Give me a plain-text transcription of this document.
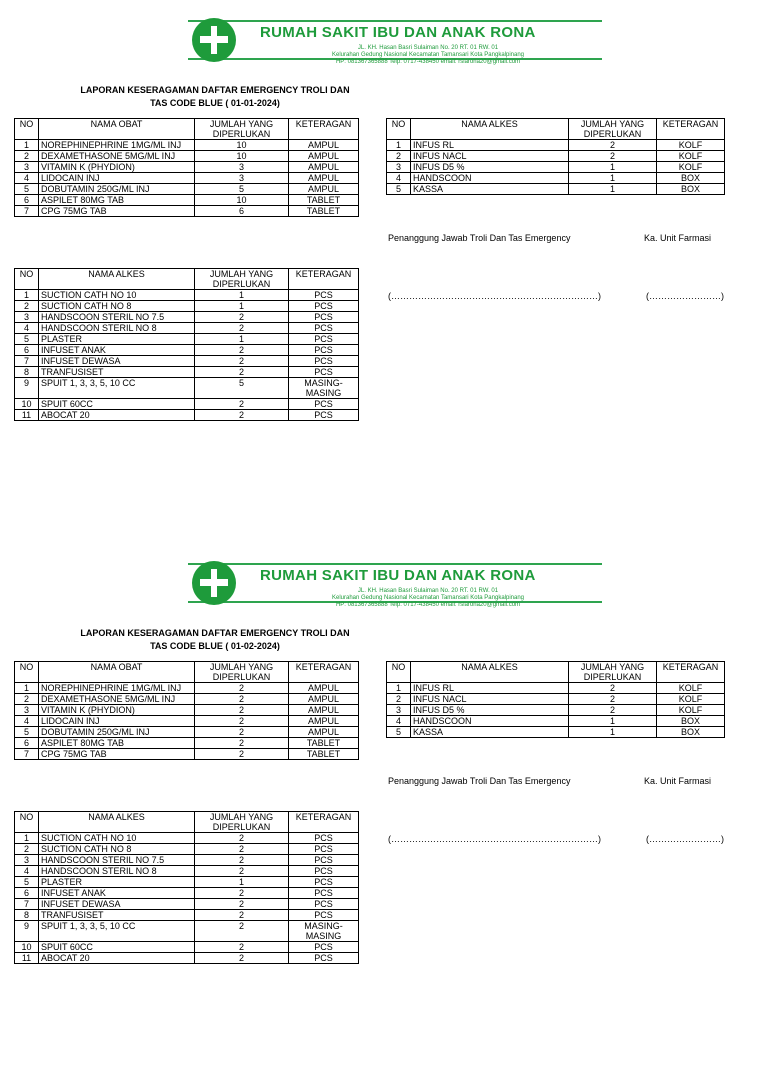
RUMAH SAKIT IBU DAN ANAK RONA
JL. KH. Hasan Basri Sulaiman No. 20 RT. 01 RW. 01
Kelurahan Gedung Nasional Kecamatan Tamansari Kota Pangkalpinang
HP: 081367365888 Telp: 0717-438450 email: rsiarona20@gmail.com
LAPORAN KESERAGAMAN DAFTAR EMERGENCY TROLI DAN
TAS CODE BLUE ( 01-01-2024)
NO	NAMA OBAT	JUMLAH YANG DIPERLUKAN	KETERAGAN
1	NOREPHINEPHRINE 1MG/ML INJ	10	AMPUL
2	DEXAMETHASONE 5MG/ML INJ	10	AMPUL
3	VITAMIN K (PHYDION)	3	AMPUL
4	LIDOCAIN INJ	3	AMPUL
5	DOBUTAMIN 250G/ML INJ	5	AMPUL
6	ASPILET 80MG TAB	10	TABLET
7	CPG 75MG TAB	6	TABLET
NO	NAMA ALKES	JUMLAH YANG DIPERLUKAN	KETERAGAN
1	SUCTION CATH NO 10	1	PCS
2	SUCTION CATH NO 8	1	PCS
3	HANDSCOON STERIL NO 7.5	2	PCS
4	HANDSCOON STERIL NO 8	2	PCS
5	PLASTER	1	PCS
6	INFUSET ANAK	2	PCS
7	INFUSET DEWASA	2	PCS
8	TRANFUSISET	2	PCS
9	SPUIT 1, 3, 3, 5, 10 CC	5	MASING-MASING
10	SPUIT 60CC	2	PCS
11	ABOCAT 20	2	PCS
NO	NAMA ALKES	JUMLAH YANG DIPERLUKAN	KETERAGAN
1	INFUS RL	2	KOLF
2	INFUS NACL	2	KOLF
3	INFUS D5 %	1	KOLF
4	HANDSCOON	1	BOX
5	KASSA	1	BOX
Penanggung Jawab Troli Dan Tas Emergency	Ka. Unit Farmasi
(……………………………………………………………)	(……………………)
RUMAH SAKIT IBU DAN ANAK RONA
JL. KH. Hasan Basri Sulaiman No. 20 RT. 01 RW. 01
Kelurahan Gedung Nasional Kecamatan Tamansari Kota Pangkalpinang
HP: 081367365888 Telp: 0717-438450 email: rsiarona20@gmail.com
LAPORAN KESERAGAMAN DAFTAR EMERGENCY TROLI DAN
TAS CODE BLUE ( 01-02-2024)
NO	NAMA OBAT	JUMLAH YANG DIPERLUKAN	KETERAGAN
1	NOREPHINEPHRINE 1MG/ML INJ	2	AMPUL
2	DEXAMETHASONE 5MG/ML INJ	2	AMPUL
3	VITAMIN K (PHYDION)	2	AMPUL
4	LIDOCAIN INJ	2	AMPUL
5	DOBUTAMIN 250G/ML INJ	2	AMPUL
6	ASPILET 80MG TAB	2	TABLET
7	CPG 75MG TAB	2	TABLET
NO	NAMA ALKES	JUMLAH YANG DIPERLUKAN	KETERAGAN
1	SUCTION CATH NO 10	2	PCS
2	SUCTION CATH NO 8	2	PCS
3	HANDSCOON STERIL NO 7.5	2	PCS
4	HANDSCOON STERIL NO 8	2	PCS
5	PLASTER	1	PCS
6	INFUSET ANAK	2	PCS
7	INFUSET DEWASA	2	PCS
8	TRANFUSISET	2	PCS
9	SPUIT 1, 3, 3, 5, 10 CC	2	MASING-MASING
10	SPUIT 60CC	2	PCS
11	ABOCAT 20	2	PCS
NO	NAMA ALKES	JUMLAH YANG DIPERLUKAN	KETERAGAN
1	INFUS RL	2	KOLF
2	INFUS NACL	2	KOLF
3	INFUS D5 %	2	KOLF
4	HANDSCOON	1	BOX
5	KASSA	1	BOX
Penanggung Jawab Troli Dan Tas Emergency	Ka. Unit Farmasi
(……………………………………………………………)	(……………………)
